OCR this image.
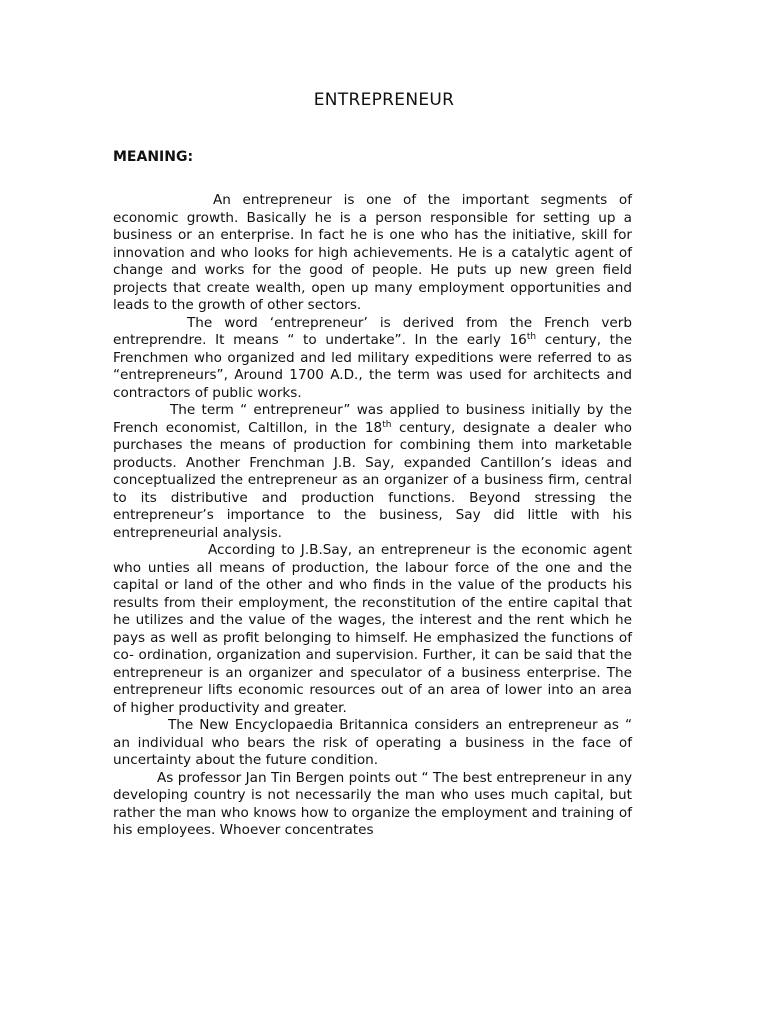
ENTREPRENEUR
MEANING:

An entrepreneur is one of the important segments of economic growth. Basically he is a person responsible for setting up a business or an enterprise. In fact he is one who has the initiative, skill for innovation and who looks for high achievements. He is a catalytic agent of change and works for the good of people. He puts up new green field projects that create wealth, open up many employment opportunities and leads to the growth of other sectors.

The word ‘entrepreneur’ is derived from the French verb entreprendre. It means “ to undertake”. In the early 16th century, the Frenchmen who organized and led military expeditions were referred to as “entrepreneurs”, Around 1700 A.D., the term was used for architects and contractors of public works.

The term “ entrepreneur” was applied to business initially by the French economist, Caltillon, in the 18th century, designate a dealer who purchases the means of production for combining them into marketable products. Another Frenchman J.B. Say, expanded Cantillon’s ideas and conceptualized the entrepreneur as an organizer of a business firm, central to its distributive and production functions. Beyond stressing the entrepreneur’s importance to the business, Say did little with his entrepreneurial analysis.

According to J.B.Say, an entrepreneur is the economic agent who unties all means of production, the labour force of the one and the capital or land of the other and who finds in the value of the products his results from their employment, the reconstitution of the entire capital that he utilizes and the value of the wages, the interest and the rent which he pays as well as profit belonging to himself. He emphasized the functions of co- ordination, organization and supervision. Further, it can be said that the entrepreneur is an organizer and speculator of a business enterprise. The entrepreneur lifts economic resources out of an area of lower into an area of higher productivity and greater.

The New Encyclopaedia Britannica considers an entrepreneur as “ an individual who bears the risk of operating a business in the face of uncertainty about the future condition.

As professor Jan Tin Bergen points out “ The best entrepreneur in any developing country is not necessarily the man who uses much capital, but rather the man who knows how to organize the employment and training of his employees. Whoever concentrates
